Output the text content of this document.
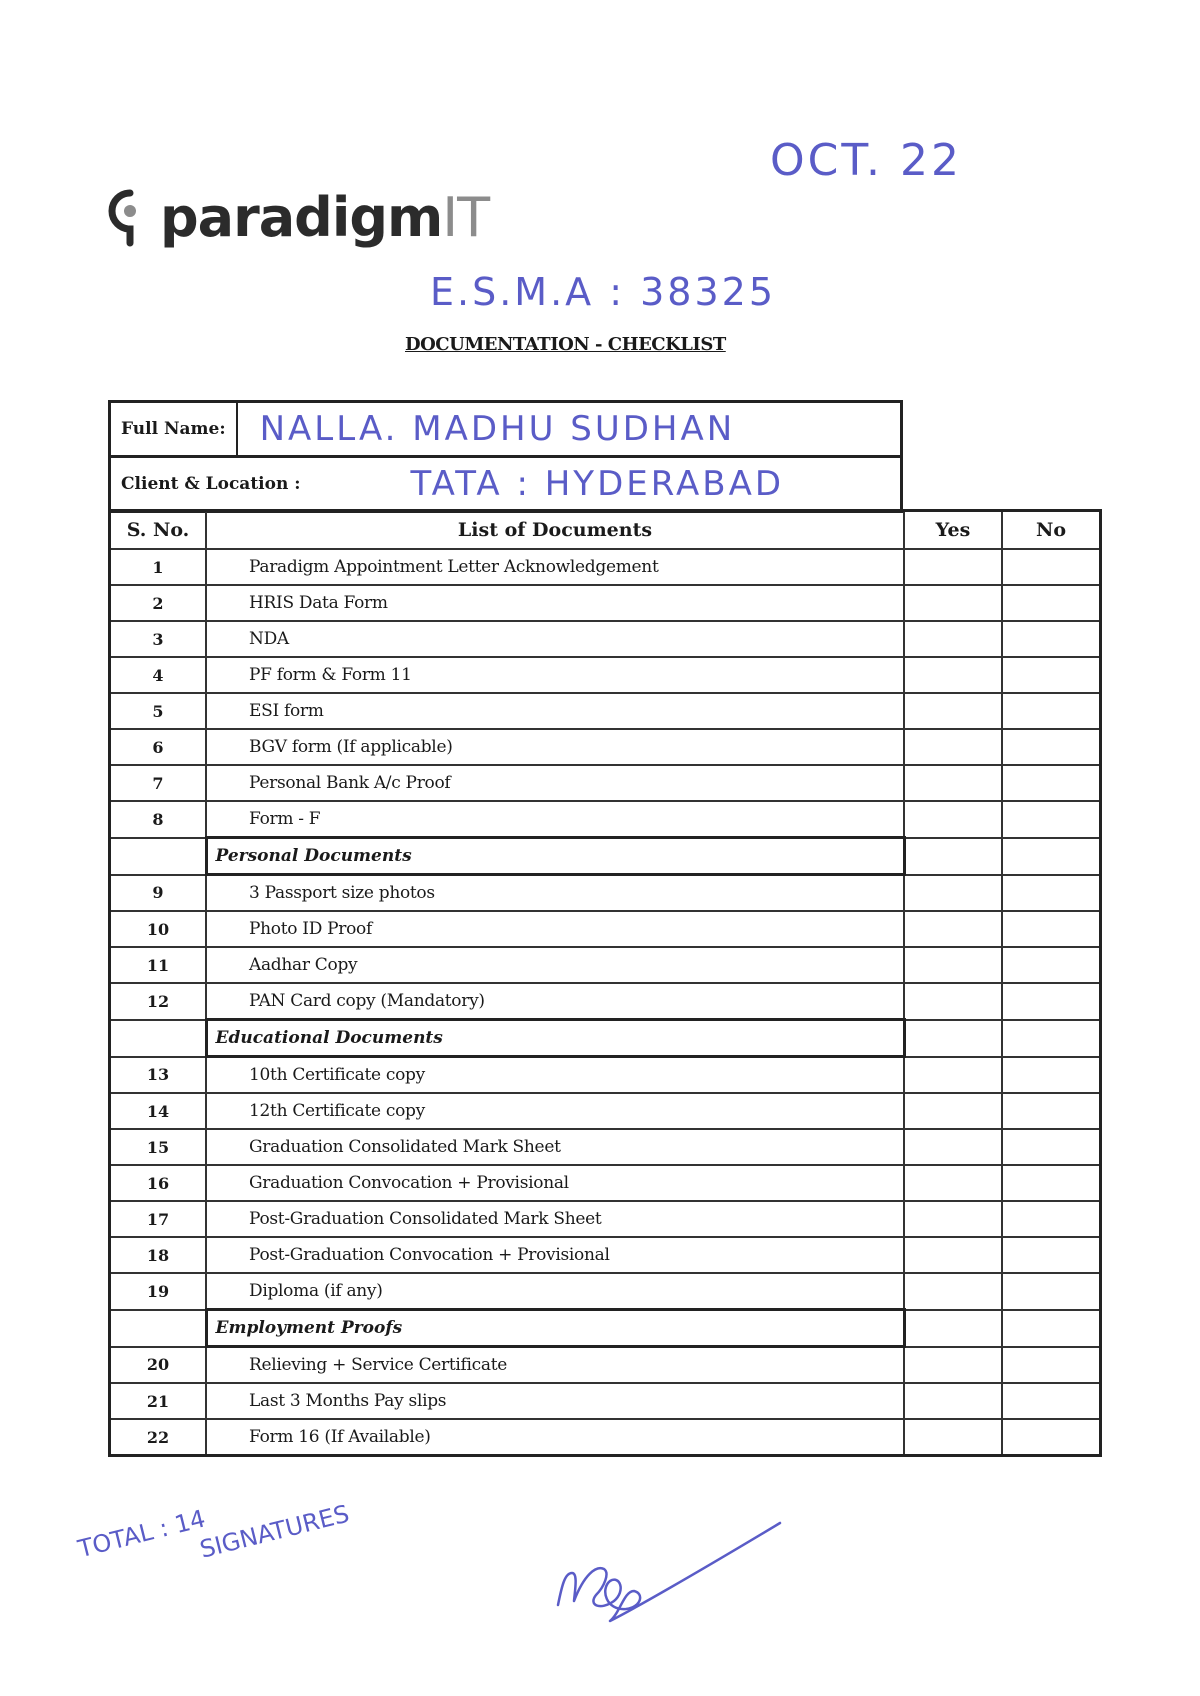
paradigmIT
OCT. 22
E.S.M.A : 38325
DOCUMENTATION - CHECKLIST
Full Name:	NALLA. MADHU SUDHAN
Client & Location :	TATA : HYDERABAD
S. No.	List of Documents	Yes	No
1	Paradigm Appointment Letter Acknowledgement		
2	HRIS Data Form		
3	NDA		
4	PF form & Form 11		
5	ESI form		
6	BGV form (If applicable)		
7	Personal Bank A/c Proof		
8	Form - F		
	Personal Documents		
9	3 Passport size photos		
10	Photo ID Proof		
11	Aadhar Copy		
12	PAN Card copy (Mandatory)		
	Educational Documents		
13	10th Certificate copy		
14	12th Certificate copy		
15	Graduation Consolidated Mark Sheet		
16	Graduation Convocation + Provisional		
17	Post-Graduation Consolidated Mark Sheet		
18	Post-Graduation Convocation + Provisional		
19	Diploma (if any)		
	Employment Proofs		
20	Relieving + Service Certificate		
21	Last 3 Months Pay slips		
22	Form 16 (If Available)		
TOTAL : 14
SIGNATURES
